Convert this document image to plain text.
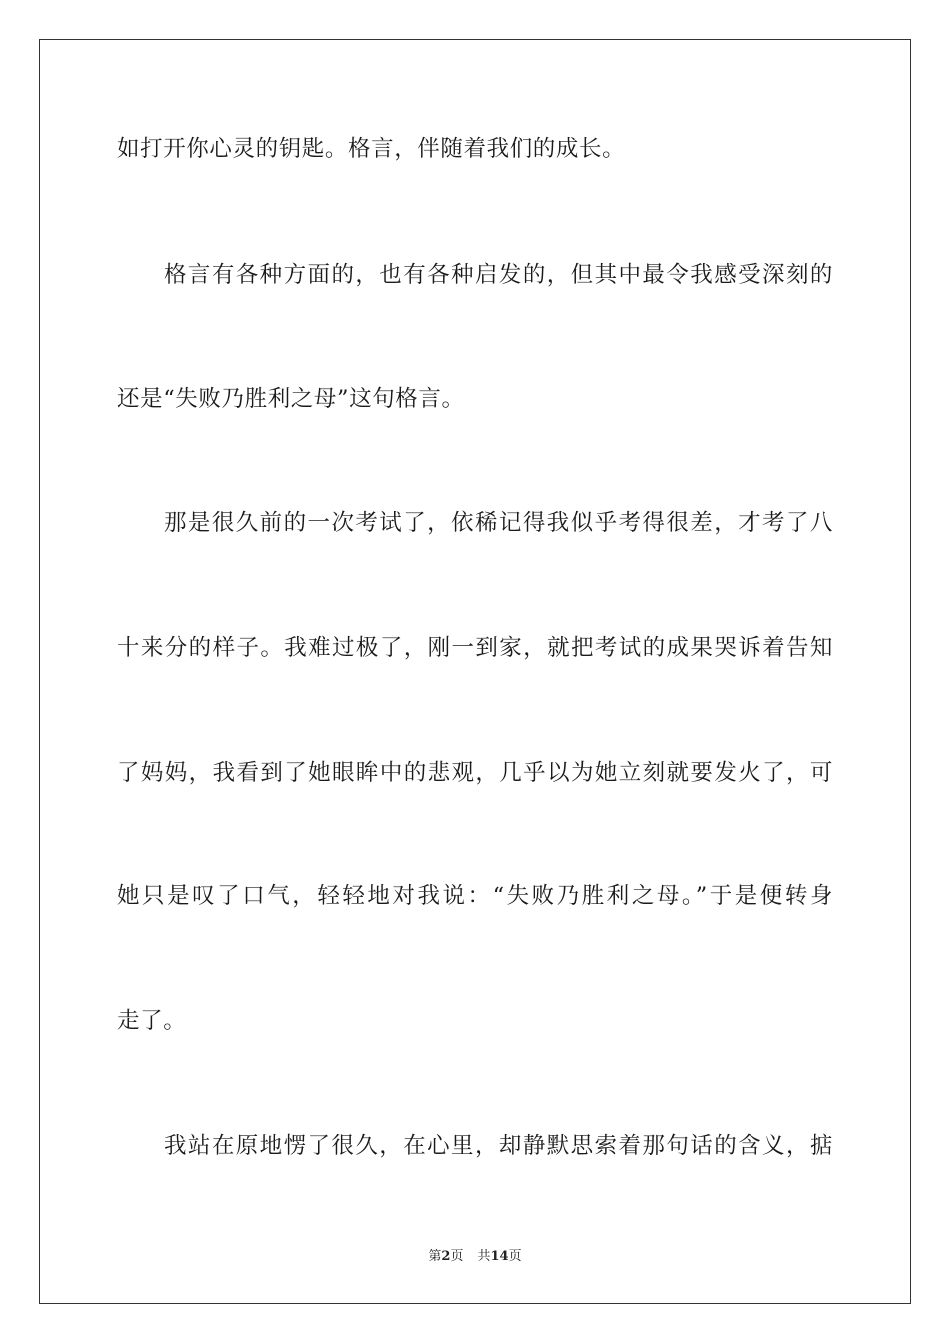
如打开你心灵的钥匙。格言，伴随着我们的成长。
格言有各种方面的，也有各种启发的，但其中最令我感受深刻的
还是“失败乃胜利之母”这句格言。
那是很久前的一次考试了，依稀记得我似乎考得很差，才考了八
十来分的样子。我难过极了，刚一到家，就把考试的成果哭诉着告知
了妈妈，我看到了她眼眸中的悲观，几乎以为她立刻就要发火了，可
她只是叹了口气，轻轻地对我说：“失败乃胜利之母。”于是便转身
走了。
我站在原地愣了很久，在心里，却静默思索着那句话的含义，掂
第2页 共14页
